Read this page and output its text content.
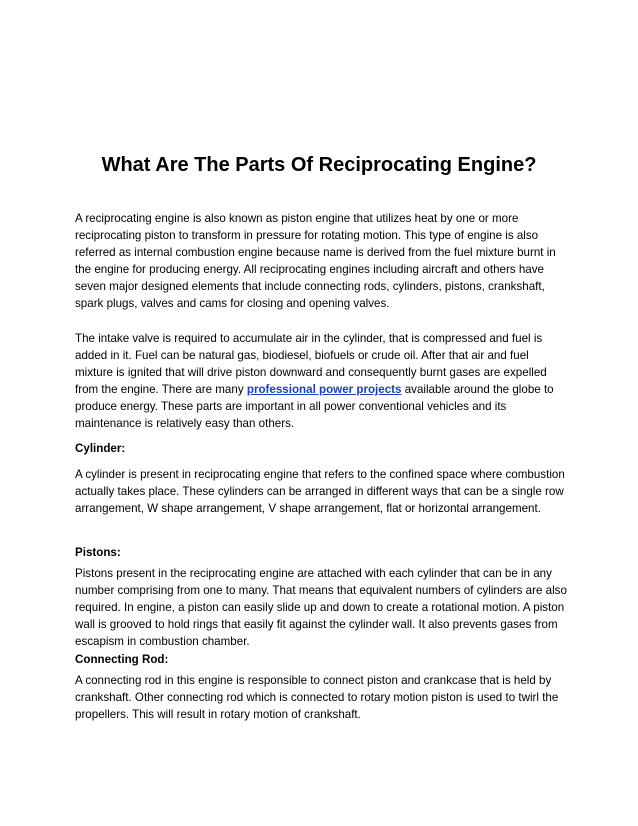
What Are The Parts Of Reciprocating Engine?

A reciprocating engine is also known as piston engine that utilizes heat by one or more reciprocating piston to transform in pressure for rotating motion. This type of engine is also referred as internal combustion engine because name is derived from the fuel mixture burnt in the engine for producing energy. All reciprocating engines including aircraft and others have seven major designed elements that include connecting rods, cylinders, pistons, crankshaft, spark plugs, valves and cams for closing and opening valves.

The intake valve is required to accumulate air in the cylinder, that is compressed and fuel is added in it. Fuel can be natural gas, biodiesel, biofuels or crude oil. After that air and fuel mixture is ignited that will drive piston downward and consequently burnt gases are expelled from the engine. There are many professional power projects available around the globe to produce energy. These parts are important in all power conventional vehicles and its maintenance is relatively easy than others.

Cylinder:

A cylinder is present in reciprocating engine that refers to the confined space where combustion actually takes place. These cylinders can be arranged in different ways that can be a single row arrangement, W shape arrangement, V shape arrangement, flat or horizontal arrangement.

Pistons:

Pistons present in the reciprocating engine are attached with each cylinder that can be in any number comprising from one to many. That means that equivalent numbers of cylinders are also required. In engine, a piston can easily slide up and down to create a rotational motion. A piston wall is grooved to hold rings that easily fit against the cylinder wall. It also prevents gases from escapism in combustion chamber.

Connecting Rod:

A connecting rod in this engine is responsible to connect piston and crankcase that is held by crankshaft. Other connecting rod which is connected to rotary motion piston is used to twirl the propellers. This will result in rotary motion of crankshaft.
